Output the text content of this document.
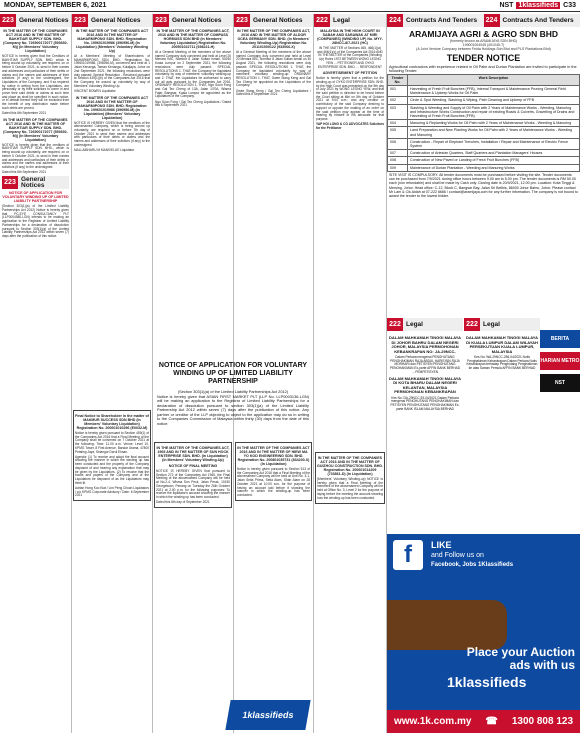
MONDAY, SEPTEMBER 6, 2021	NST 1klassifieds C33
223 General Notices
IN THE MATTER OF THE COMPANIES ACT 2016 AND IN THE MATTER OF BAKHTIAR SUPPLY SDN. BHD. (Company No. 726900172077 (593692-M)) (In Members' Voluntary Liquidation)

NOTICE is hereby given that the Creditors of BAKHTIAR SUPPLY SDN. BHD. which is being wound up voluntarily, are required, on or before 5 October 2021, to send in their names and addresses and particulars of their debts or claims and the names and addresses of their solicitors (if any) to the undersigned, the Liquidators of the Company, and if so required by notice in writing from the Liquidators, are personally or by their solicitors to come in and prove their said debts or claims at such time and place as shall be specified in such notice, or in default thereof they will be excluded from the benefit of any distribution made before such debts are proved.

Dated this 6th September 2021

IN THE MATTER OF THE COMPANIES ACT 2016 AND IN THE MATTER OF BAKHTIAR SUPPLY SDN. BHD. (Company No. 726900172077 (593692-M)) (In Members' Voluntary Liquidation)

NOTICE is hereby given that the creditors of BAKHTIAR SUPPLY SDN. BHD., which is being wound up voluntarily, are required, on or before 5 October 2021, to send in their names and addresses and particulars of their debts or claims and the names and addresses of their solicitors (if any) to the undersigned.

Dated this 6th September 2021

223 General Notices
NOTICE OF APPLICATION FOR VOLUNTARY WINDING UP OF LIMITED LIABILITY PARTNERSHIP

(Section 303(1)(a) of the Limited Liability Partnerships Act 2012) Notice is hereby given that PC-EYE CONSULTANCY PLT (LLP0004580-LGN) intends to be making an application to the Registrar of Limited Liability Partnerships for a declaration of dissolution pursuant to Section 303(1)(a) of the Limited Liability Partnerships Act 2012 within seven (7) days after the publication of this notice.

223 General Notices
IN THE MATTER OF THE COMPANIES ACT 2016 AND IN THE MATTER OF MAHARMIPONG SDN. BHD. Registration No. 199601019986 (396956-M) (In Liquidation) (Members' Voluntary Winding Up)

At a Members' Meeting of Shareholders of MAHARMIPONG SDN. BHD., Registration No. 199601019986, (396956-M), convened and held at 1 Jalan Kenanga, Taman Kenanga, Kulaijaya, Johor on 2nd September 2021, the following resolutions were duly passed: Special Resolution - Resolved pursuant to Section 439(1)(b) of the Companies Act 2016 that the Company be wound up voluntarily by way of Members' Voluntary Winding Up.

VINCENT BOWEN Liquidator

IN THE MATTER OF THE COMPANIES ACT 2016 AND IN THE MATTER OF MAHARMIPONG SDN. BHD. Registration No. 199601019986 (396956-M) (In Liquidation) (Members' Voluntary Liquidation)

NOTICE IS HEREBY GIVEN that the creditors of the abovenamed Company, which is being wound up voluntarily, are required on or before 7th day of October 2021 to send their names and addresses with particulars of their debts or claims and the names and addresses of their solicitors (if any) to the undersigned.

MALLAIBHARU M MANIVELUE Liquidator

Final Notice to Shareholder In the matter of MAKMUR SUCCESS SDN BHD (In Members' Voluntary Liquidation) Registration No. 200601010296 (E0032-M)

Notice is hereby given pursuant to Section 459(1) of the Companies Act 2016 that a Final Meeting of the Company shall be convened on 7 October 2021 at the following: Time: 11.00 a.m. Venue: Level 10, KPMG Tower, 8 First Avenue, Bandar Utama, 47800 Petaling Jaya, Selangor Darul Ehsan.

Agenda: (1) To receive and adopt the final account showing the manner in which the winding up has been conducted and the property of the Company disposed of and hearing any explanation that may be given by the Liquidators. (2) To resolve that the books and papers of the Company and of the Liquidators be disposed of as the Liquidators may think fit.

Adrian Hong Koo Kiat / Lim Peng Chuan Liquidators / c/o KPMG Corporate Advisory / Date: 6 September 2021

223 General Notices
IN THE MATTER OF THE COMPANIES ACT, 2016 AND IN THE MATTER OF COMPASS HORMUSS SDN BHD (In Members' Voluntary Liquidation) Registration No. 200501022711 (698221-H)

At a General Meeting of the members of the above named Company duly convened and held at Level 20 Menara IMC, Nombor 8 Jalan Sultan Ismail, 50250 Kuala Lumpur on 2 September 2021, the following resolutions were duly passed: SPECIAL RESOLUTIONS 1. THAT, the Company be liquidated voluntarily by way of members' voluntary winding-up and 2. THAT, the Liquidators be authorised to carry out all acts pursuant to the Companies Act 2016. ORDINARY RESOLUTION 1. THAT, Ngo Soon Fong and Gal Teo Cheng of 13A, Jalan 1/70A, Wisma Fajar, Bangsar, Kuala Lumpur be appointed as the Liquidators of the Company.

Ngo Soon Fong / Gal Teo Cheng Liquidators / Dated this 6 September 2021

223 General Notices
IN THE MATTER OF THE COMPANIES ACT, 2016 AND IN THE MATTER OF ALDOR OCEA GERMANY SDN. BHD. (In Members' Voluntary Winding-Up) Registration No. 201101000122 (933066-X)

At a General Meeting of the members of the above named Company duly convened and held at Level 20 Menara IMC, Nombor 8 Jalan Sultan Ismail on 30 August 2021, the following resolutions were duly passed: SPECIAL RESOLUTIONS 1. THAT, the Company be liquidated voluntarily by way of members' voluntary winding-up. ORDINARY RESOLUTION 1. THAT, Gwee Siang Keng and Gal Teo Cheng be appointed as the Liquidators of the Company.

Gwee Siang Keng / Gal Teo Cheng Liquidators / Dated this 6 September 2021

NOTICE OF APPLICATION FOR VOLUNTARY WINDING UP OF LIMITED LIABILITY PARTNERSHIP
(Section 303(1)(a) of the Limited Liability Partnerships Act 2012)
Notice is hereby given that ASIAN FIRST MARKET PLT (LLP No. LLP0003136-LGN) will be making an application to the Registrar of Limited Liability Partnerships for a declaration of dissolution pursuant to section 303(1)(a) of the Limited Liability Partnership Act 2012 within seven (7) days after the publication of this notice. Any partner or creditor of the LLP objecting to object to the application may do so in writing to the Companies Commission of Malaysia within thirty (30) days from the date of this notice.
IN THE MATTER OF THE COMPANIES ACT, 1965 AND IN THE MATTER OF SUN HOCK ENTERPRISE SDN. BHD. (In Liquidation) (In Members' Voluntary Winding-Up)
NOTICE OF FINAL MEETING

NOTICE IS HEREBY GIVEN that pursuant to Section 272 of the Companies Act 1965, the Final Meeting of the abovenamed Company will be held at No.2-4, Wisma Sun Peck, Jalan Perak, 10150 Georgetown, Penang on Tuesday the 26th October 2021 at 2.00 p.m. for the following purposes: To receive the liquidator's account showing the manner in which the winding up has been conducted.

Dated this 6th day of September 2021

IN THE MATTER OF THE COMPANIES ACT 2016 AND IN THE MATTER OF HIEW MA YO KOD ENGINEERING SDN. BHD. Registration No. 200801035731 (834230-X) (In Liquidation)

Notice is hereby given pursuant to Section 513 of the Companies Act 2016 that a Final Meeting of the abovenamed Company will be held at Unit No. 3-1, Jalan Setia Prima, Setia Alam, Shah Alam on 28 October 2021 at 10.00 a.m. for the purpose of having an account laid before it showing the manner in which the winding-up has been conducted.

1klassifieds
222 Legal
MALAYSIA IN THE HIGH COURT IN SABAH AND SARAWAK AT MIRI (COMPANIES) (WINDING UP) No. MYY-28NCC-8/7-2021 (HC)

IN THE MATTER of Sections 465, 466(1)(a) and 466(1)(c) of the Companies Act 2016 AND IN THE MATTER of the Companies (Winding Up) Rules 1972 BETWEEN WONG LEONG YEW ... PETITIONER AND OYKO ENTERPRISE SDN. BHD. ... RESPONDENT

ADVERTISEMENT OF PETITION

Notice is hereby given that a petition for the winding-up of OYKO ENTERPRISE SDN. BHD. by the High Court was presented on the 5th day of July 2021 by WONG LEONG YEW, and that the said petition is directed to be heard before the Court sitting at Miri on 5th day of October 2021 at 9.00 a.m.; and any creditor or contributory of the said Company desiring to support or oppose the making of an order on the said petition may appear at the time of hearing by himself or his advocate for that purpose.

YAP HOI LONG & CO ADVOCATES Solicitors for the Petitioner

IN THE MATTER OF THE COMPANIES ACT 2016 AND IN THE MATTER OF GUIZHOU CONSTRUCTION SDN. BHD. Registration No. 200601014209 (733861-D) (In Liquidation)

(Members' Voluntary Winding-up) NOTICE is hereby given that a Final Meeting of the members of the abovenamed Company will be held at Office No. 3, Level 2 for the purpose of laying before the meeting the account showing how the winding-up has been conducted.

224 Contracts And Tenders	224 Contracts And Tenders
ARAMIJAYA AGRI & AGRO SDN BHD
(formerly known as ARAMIJAYA SDN BHD)
199001004045 (401045-T)
(A Joint Venture Company between Felda Holdings Sdn Bhd and PLS Plantations Bhd)
TENDER NOTICE
Agricultural contractors with experience related in Oil Palm and Durian Plantation are invited to participate in the following Tender:
Tender No.	Work Description
001	Harvesting of Fresh Fruit Bunches (FFB), Internal Transport & Maintenance Pruning General Field Maintenance & Upkeep Works for Oil Palm
002	Circle & Spot Weeding, Slashing & Wiping, Path Cleaning and Upkeep of FFB
003	Slashing & Weeding and Supply of Oil Palm with 2 Years of Maintenance Works - Weeding, Manuring and Infrastructure Works Construction and repair of existing Roads & Culverts, Gravelling of Drains and Harvesting of Fresh Fruit Bunches (FFB)
004	Manuring & Replanting Works for Oil Palm with 2 Years of Maintenance Works - Weeding & Manuring
005	Land Preparation and New Planting Works for Oil Palm with 2 Years of Maintenance Works - Weeding and Manuring
006	Construction - Repair of Elephant Trenches, Installation / Repair and Maintenance of Electric Fence System
007	Construction of Artesian Quarters, Staff Quarters and Plantation Managers' Houses
008	Construction of New Paved or Landing of Fresh Fruit Bunches (FFB)
009	Maintenance of Durian Plantation - Weeding and Manuring Works
SITE VISIT IS COMPULSORY. All tender documents must be purchased before visiting the site. Tender documents can be purchased from 7/9/2021 during office hours between 9.00 am to 5.00 pm. The tender documents is RM 50.00 each (non refundable) and shall be made by Cash only. Closing date is 20/9/2021, 12.00 pm. Location: Kota Tinggi & Mersing, Johor. Head office: C-12, Block C, Bangsar Bay, Jalan Sri Belibis, 86000 Johor Bahru, Johor. Please contact Mr Lam & Cik Aidah at 07-222 6666 / contact@aramijaya.com for any further information. The company is not bound to award the tender to the lowest bidder.
222 Legal
DALAM MAHKAMAH TINGGI MALAYA DI JOHOR BAHRU DALAM NEGERI JOHOR, MALAYSIA PERMOHONAN KEBANKRAPAN NO: JA-29NCC-
Dalam Perkara mengenai PENGHUTANG PENGHAKIMAN RAJA ABDUL HARIS BIN RAJA MORHARI dan PETISYEN PENGHUTANG PENGHAKIMAN Ex-parte AFFIN BANK BERHAD ... PEMPETISYEN
DALAM MAHKAMAH TINGGI MALAYA DI KOTA BHARU DALAM NEGERI KELANTAN, MALAYSIA PERMOHONAN KEBANKRAPAN
Kes No: DA-29NCC-93-04/2021 Dalam Perkara mengenai PENGHUTANG PENGHAKIMAN dan PETISYEN PENGHUTANG PENGHAKIMAN Ex-parte BANK ISLAM MALAYSIA BERHAD
222 Legal
DALAM MAHKAMAH TINGGI MALAYA DI KUALA LUMPUR DALAM WILAYAH PERSEKUTUAN KUALA LUMPUR, MALAYSIA
Kes No: WA-29NCC-256-04/2021 Notis Penghakiman Kebankrapan Dalam Perkara Notis Kebankrapan terhadap Penghutang Penghakiman ke atas Saman Pemula AFFIN BANK BERHAD
BERITA
HARIAN METRO
NST
f	LIKE
and Follow us on
Facebook, Jobs 1Klassifieds
Place your Auction ads with us
1klassifieds
www.1k.com.my ☎ 1300 808 123
